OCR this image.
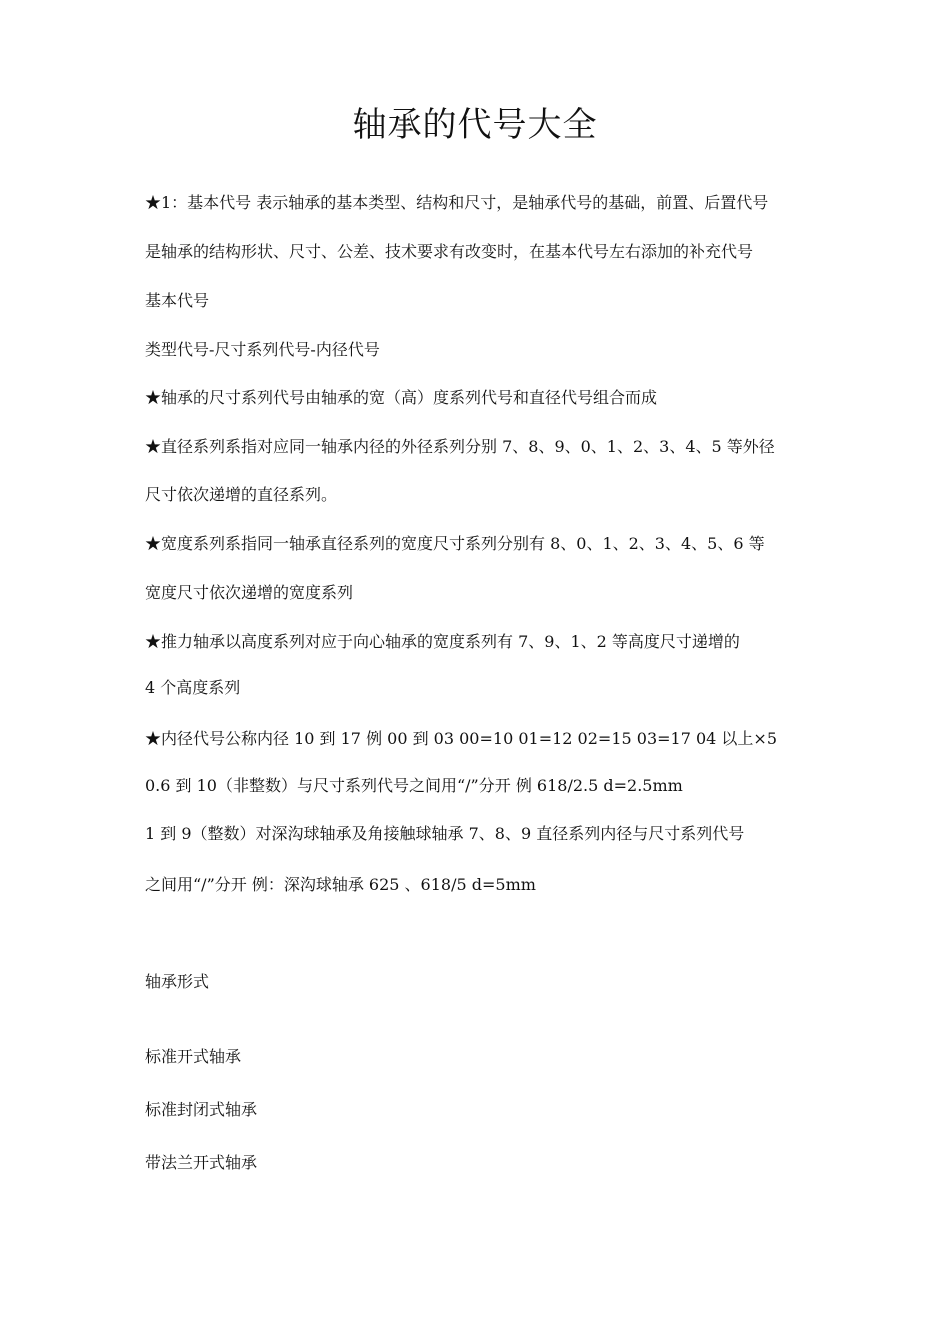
轴承的代号大全
★1：基本代号 表示轴承的基本类型、结构和尺寸，是轴承代号的基础，前置、后置代号
是轴承的结构形状、尺寸、公差、技术要求有改变时，在基本代号左右添加的补充代号
基本代号
类型代号-尺寸系列代号-内径代号
★轴承的尺寸系列代号由轴承的宽（高）度系列代号和直径代号组合而成
★直径系列系指对应同一轴承内径的外径系列分别 7、8、9、0、1、2、3、4、5 等外径
尺寸依次递增的直径系列。
★宽度系列系指同一轴承直径系列的宽度尺寸系列分别有 8、0、1、2、3、4、5、6 等
宽度尺寸依次递增的宽度系列
★推力轴承以高度系列对应于向心轴承的宽度系列有 7、9、1、2 等高度尺寸递增的
4 个高度系列
★内径代号公称内径 10 到 17 例 00 到 03 00=10 01=12 02=15 03=17 04 以上×5
0.6 到 10（非整数）与尺寸系列代号之间用“/”分开 例 618/2.5 d=2.5mm
1 到 9（整数）对深沟球轴承及角接触球轴承 7、8、9 直径系列内径与尺寸系列代号
之间用“/”分开 例：深沟球轴承 625 、618/5 d=5mm
轴承形式
标准开式轴承
标准封闭式轴承
带法兰开式轴承
